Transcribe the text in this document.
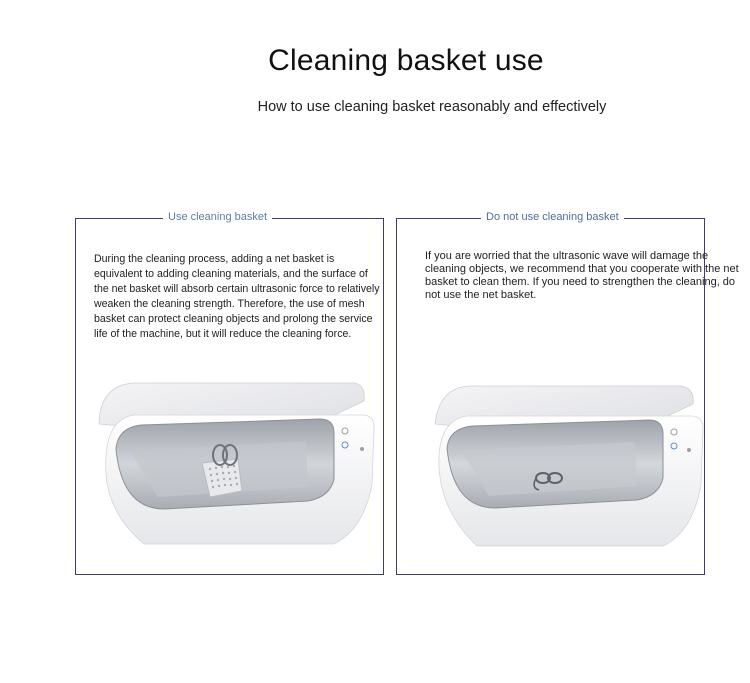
Cleaning basket use
How to use cleaning basket reasonably and effectively
Use cleaning basket
During the cleaning process, adding a net basket is equivalent to adding cleaning materials, and the surface of the net basket will absorb certain ultrasonic force to relatively weaken the cleaning strength. Therefore, the use of mesh basket can protect cleaning objects and prolong the service life of the machine, but it will reduce the cleaning force.
Do not use cleaning basket
If you are worried that the ultrasonic wave will damage the cleaning objects, we recommend that you cooperate with the net basket to clean them. If you need to strengthen the cleaning, do not use the net basket.
